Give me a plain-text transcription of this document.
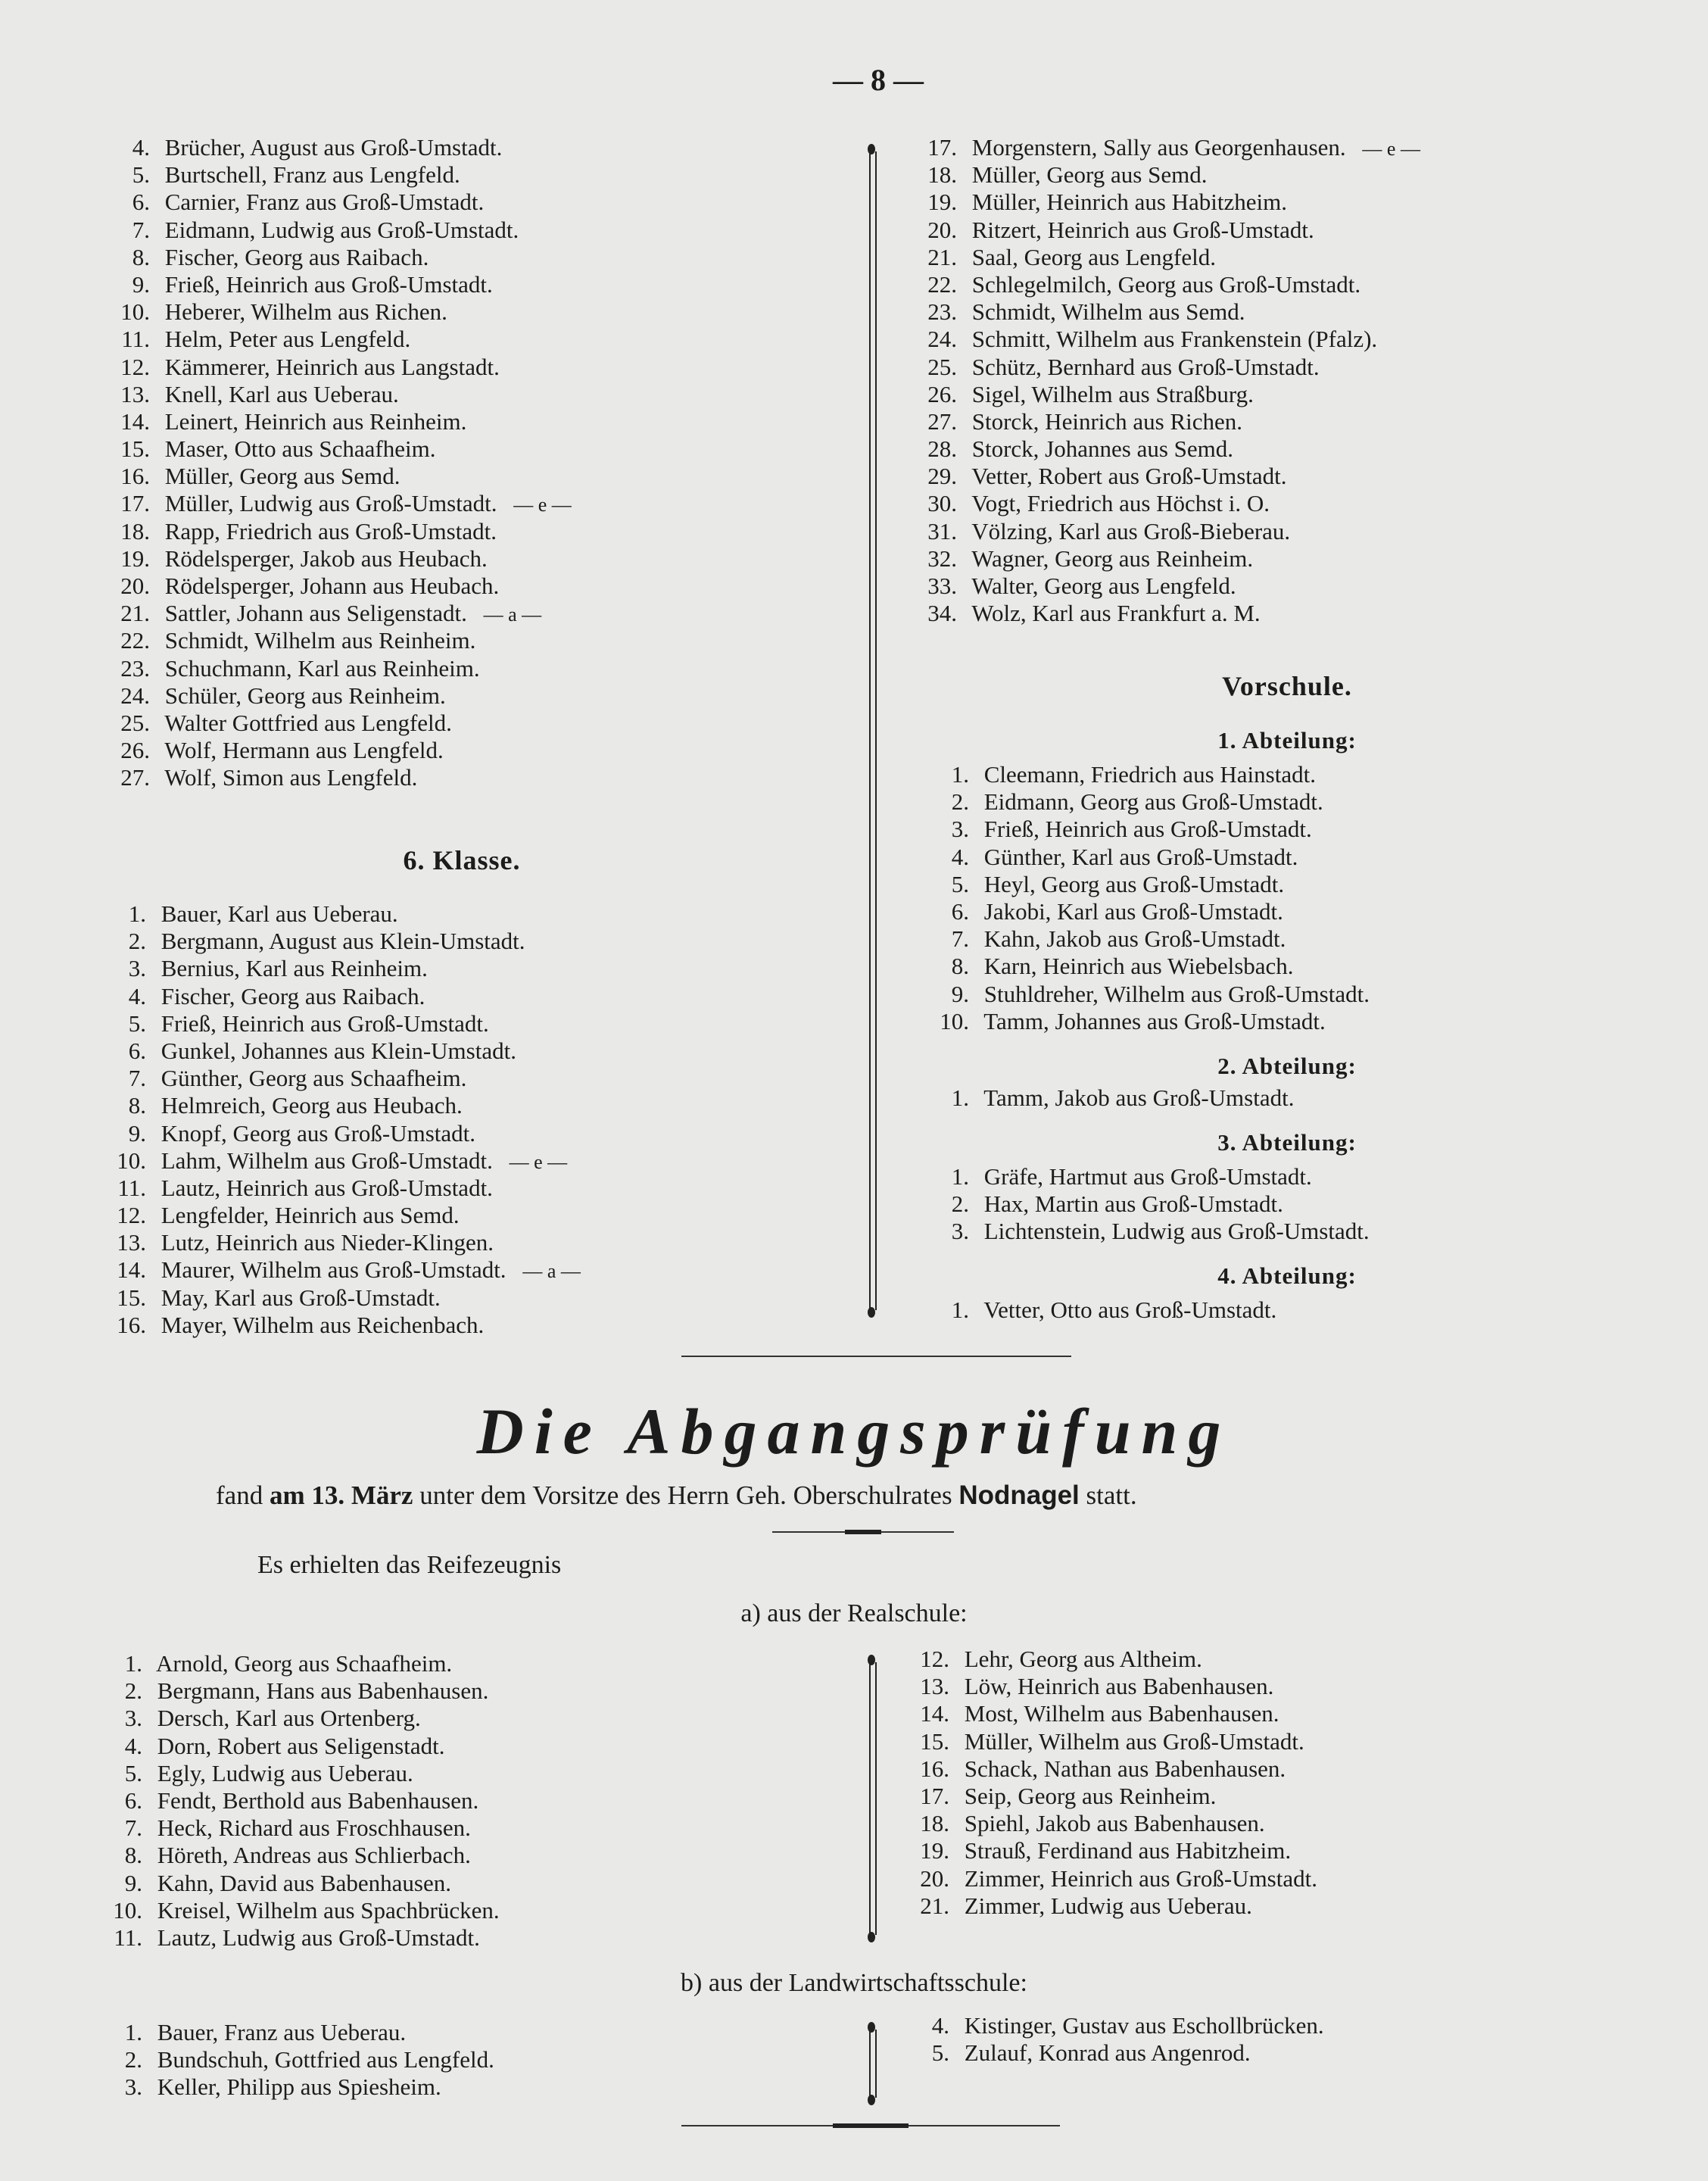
— 8 —
4. Brücher, August aus Groß-Umstadt.
5. Burtschell, Franz aus Lengfeld.
6. Carnier, Franz aus Groß-Umstadt.
7. Eidmann, Ludwig aus Groß-Umstadt.
8. Fischer, Georg aus Raibach.
9. Frieß, Heinrich aus Groß-Umstadt.
10. Heberer, Wilhelm aus Richen.
11. Helm, Peter aus Lengfeld.
12. Kämmerer, Heinrich aus Langstadt.
13. Knell, Karl aus Ueberau.
14. Leinert, Heinrich aus Reinheim.
15. Maser, Otto aus Schaafheim.
16. Müller, Georg aus Semd.
17. Müller, Ludwig aus Groß-Umstadt. — e —
18. Rapp, Friedrich aus Groß-Umstadt.
19. Rödelsperger, Jakob aus Heubach.
20. Rödelsperger, Johann aus Heubach.
21. Sattler, Johann aus Seligenstadt. — a —
22. Schmidt, Wilhelm aus Reinheim.
23. Schuchmann, Karl aus Reinheim.
24. Schüler, Georg aus Reinheim.
25. Walter Gottfried aus Lengfeld.
26. Wolf, Hermann aus Lengfeld.
27. Wolf, Simon aus Lengfeld.
17. Morgenstern, Sally aus Georgenhausen. — e —
18. Müller, Georg aus Semd.
19. Müller, Heinrich aus Habitzheim.
20. Ritzert, Heinrich aus Groß-Umstadt.
21. Saal, Georg aus Lengfeld.
22. Schlegelmilch, Georg aus Groß-Umstadt.
23. Schmidt, Wilhelm aus Semd.
24. Schmitt, Wilhelm aus Frankenstein (Pfalz).
25. Schütz, Bernhard aus Groß-Umstadt.
26. Sigel, Wilhelm aus Straßburg.
27. Storck, Heinrich aus Richen.
28. Storck, Johannes aus Semd.
29. Vetter, Robert aus Groß-Umstadt.
30. Vogt, Friedrich aus Höchst i. O.
31. Völzing, Karl aus Groß-Bieberau.
32. Wagner, Georg aus Reinheim.
33. Walter, Georg aus Lengfeld.
34. Wolz, Karl aus Frankfurt a. M.
6. Klasse.
1. Bauer, Karl aus Ueberau.
2. Bergmann, August aus Klein-Umstadt.
3. Bernius, Karl aus Reinheim.
4. Fischer, Georg aus Raibach.
5. Frieß, Heinrich aus Groß-Umstadt.
6. Gunkel, Johannes aus Klein-Umstadt.
7. Günther, Georg aus Schaafheim.
8. Helmreich, Georg aus Heubach.
9. Knopf, Georg aus Groß-Umstadt.
10. Lahm, Wilhelm aus Groß-Umstadt. — e —
11. Lautz, Heinrich aus Groß-Umstadt.
12. Lengfelder, Heinrich aus Semd.
13. Lutz, Heinrich aus Nieder-Klingen.
14. Maurer, Wilhelm aus Groß-Umstadt. — a —
15. May, Karl aus Groß-Umstadt.
16. Mayer, Wilhelm aus Reichenbach.
Vorschule.
1. Abteilung:
1. Cleemann, Friedrich aus Hainstadt.
2. Eidmann, Georg aus Groß-Umstadt.
3. Frieß, Heinrich aus Groß-Umstadt.
4. Günther, Karl aus Groß-Umstadt.
5. Heyl, Georg aus Groß-Umstadt.
6. Jakobi, Karl aus Groß-Umstadt.
7. Kahn, Jakob aus Groß-Umstadt.
8. Karn, Heinrich aus Wiebelsbach.
9. Stuhldreher, Wilhelm aus Groß-Umstadt.
10. Tamm, Johannes aus Groß-Umstadt.
2. Abteilung:
1. Tamm, Jakob aus Groß-Umstadt.
3. Abteilung:
1. Gräfe, Hartmut aus Groß-Umstadt.
2. Hax, Martin aus Groß-Umstadt.
3. Lichtenstein, Ludwig aus Groß-Umstadt.
4. Abteilung:
1. Vetter, Otto aus Groß-Umstadt.
Die Abgangsprüfung
fand am 13. März unter dem Vorsitze des Herrn Geh. Oberschulrates Nodnagel statt.
Es erhielten das Reifezeugnis
a) aus der Realschule:
1. Arnold, Georg aus Schaafheim.
2. Bergmann, Hans aus Babenhausen.
3. Dersch, Karl aus Ortenberg.
4. Dorn, Robert aus Seligenstadt.
5. Egly, Ludwig aus Ueberau.
6. Fendt, Berthold aus Babenhausen.
7. Heck, Richard aus Froschhausen.
8. Höreth, Andreas aus Schlierbach.
9. Kahn, David aus Babenhausen.
10. Kreisel, Wilhelm aus Spachbrücken.
11. Lautz, Ludwig aus Groß-Umstadt.
12. Lehr, Georg aus Altheim.
13. Löw, Heinrich aus Babenhausen.
14. Most, Wilhelm aus Babenhausen.
15. Müller, Wilhelm aus Groß-Umstadt.
16. Schack, Nathan aus Babenhausen.
17. Seip, Georg aus Reinheim.
18. Spiehl, Jakob aus Babenhausen.
19. Strauß, Ferdinand aus Habitzheim.
20. Zimmer, Heinrich aus Groß-Umstadt.
21. Zimmer, Ludwig aus Ueberau.
b) aus der Landwirtschaftsschule:
1. Bauer, Franz aus Ueberau.
2. Bundschuh, Gottfried aus Lengfeld.
3. Keller, Philipp aus Spiesheim.
4. Kistinger, Gustav aus Eschollbrücken.
5. Zulauf, Konrad aus Angenrod.
